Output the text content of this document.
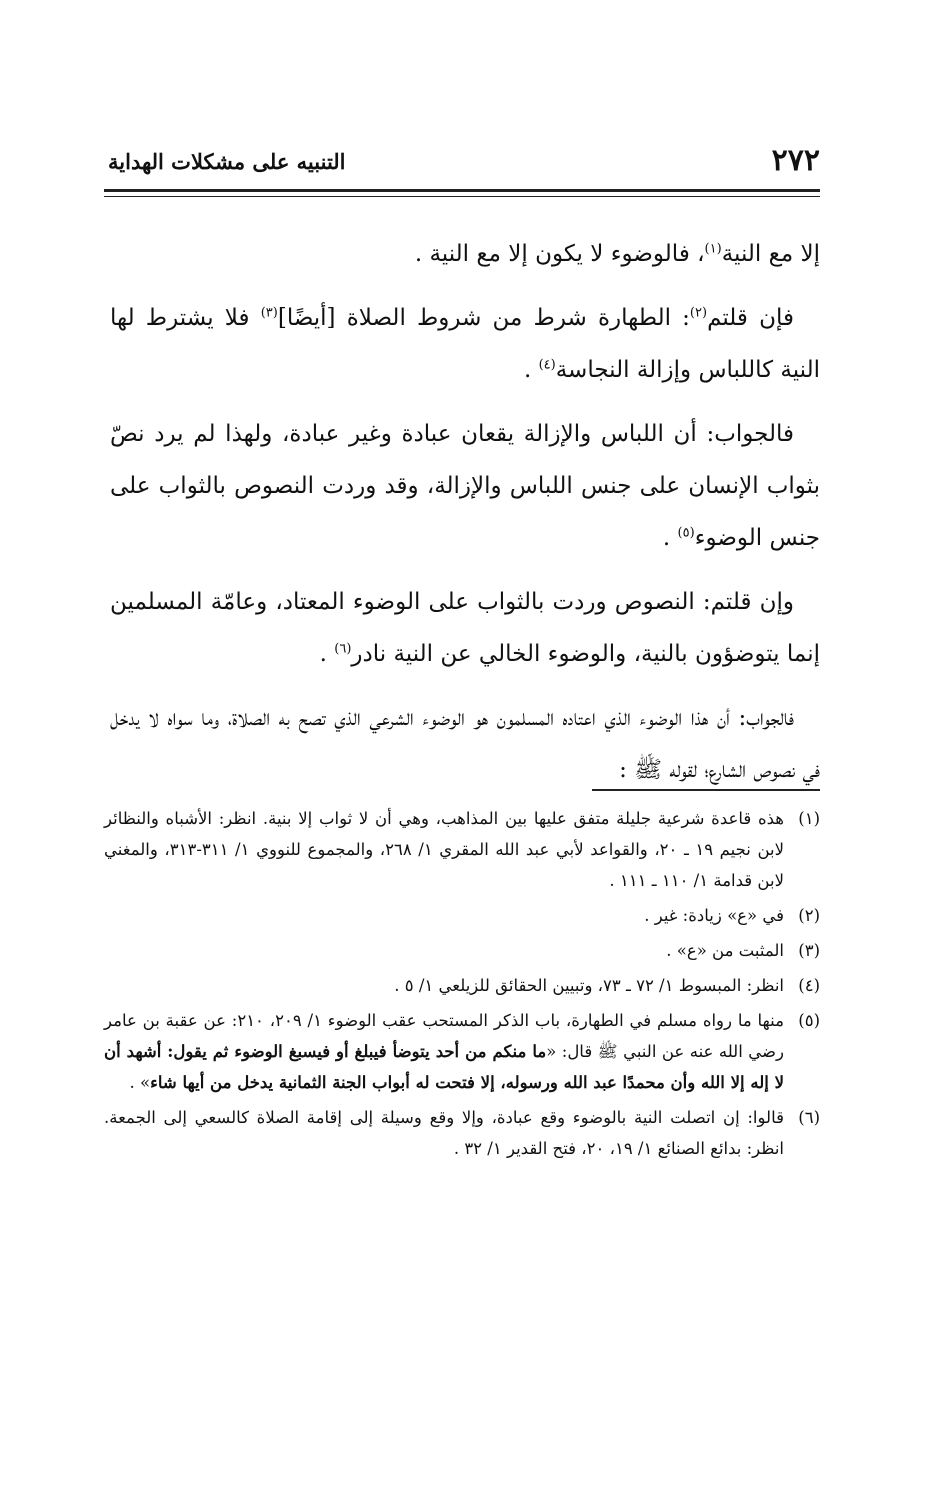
٢٧٢
التنبيه على مشكلات الهداية

إلا مع النية$^{(١)}$، فالوضوء لا يكون إلا مع النية .

فإن قلتم$^{(٢)}$: الطهارة شرط من شروط الصلاة [أيضًا]$^{(٣)}$ فلا يشترط لها النية كاللباس وإزالة النجاسة$^{(٤)}$ .

فالجواب: أن اللباس والإزالة يقعان عبادة وغير عبادة، ولهذا لم يرد نصّ بثواب الإنسان على جنس اللباس والإزالة، وقد وردت النصوص بالثواب على جنس الوضوء$^{(٥)}$ .

وإن قلتم: النصوص وردت بالثواب على الوضوء المعتاد، وعامّة المسلمين إنما يتوضؤون بالنية، والوضوء الخالي عن النية نادر$^{(٦)}$ .

فالجواب: أن هذا الوضوء الذي اعتاده المسلمون هو الوضوء الشرعي الذي تصح به الصلاة، وما سواه لا يدخل في نصوص الشارع؛ لقوله ﷺ :

(١)
هذه قاعدة شرعية جليلة متفق عليها بين المذاهب، وهي أن لا ثواب إلا بنية. انظر: الأشباه والنظائر لابن نجيم ١٩ ـ ٢٠، والقواعد لأبي عبد الله المقري ١/ ٢٦٨، والمجموع للنووي ١/ ٣١١-٣١٣، والمغني لابن قدامة ١/ ١١٠ ـ ١١١ .
(٢)
في «ع» زيادة: غير .
(٣)
المثبت من «ع» .
(٤)
انظر: المبسوط ١/ ٧٢ ـ ٧٣، وتبيين الحقائق للزيلعي ١/ ٥ .
(٥)
منها ما رواه مسلم في الطهارة، باب الذكر المستحب عقب الوضوء ١/ ٢٠٩، ٢١٠: عن عقبة بن عامر رضي الله عنه عن النبي ﷺ قال: «ما منكم من أحد يتوضأ فيبلغ أو فيسبغ الوضوء ثم يقول: أشهد أن لا إله إلا الله وأن محمدًا عبد الله ورسوله، إلا فتحت له أبواب الجنة الثمانية يدخل من أيها شاء» .
(٦)
قالوا: إن اتصلت النية بالوضوء وقع عبادة، وإلا وقع وسيلة إلى إقامة الصلاة كالسعي إلى الجمعة. انظر: بدائع الصنائع ١/ ١٩، ٢٠، فتح القدير ١/ ٣٢ .
